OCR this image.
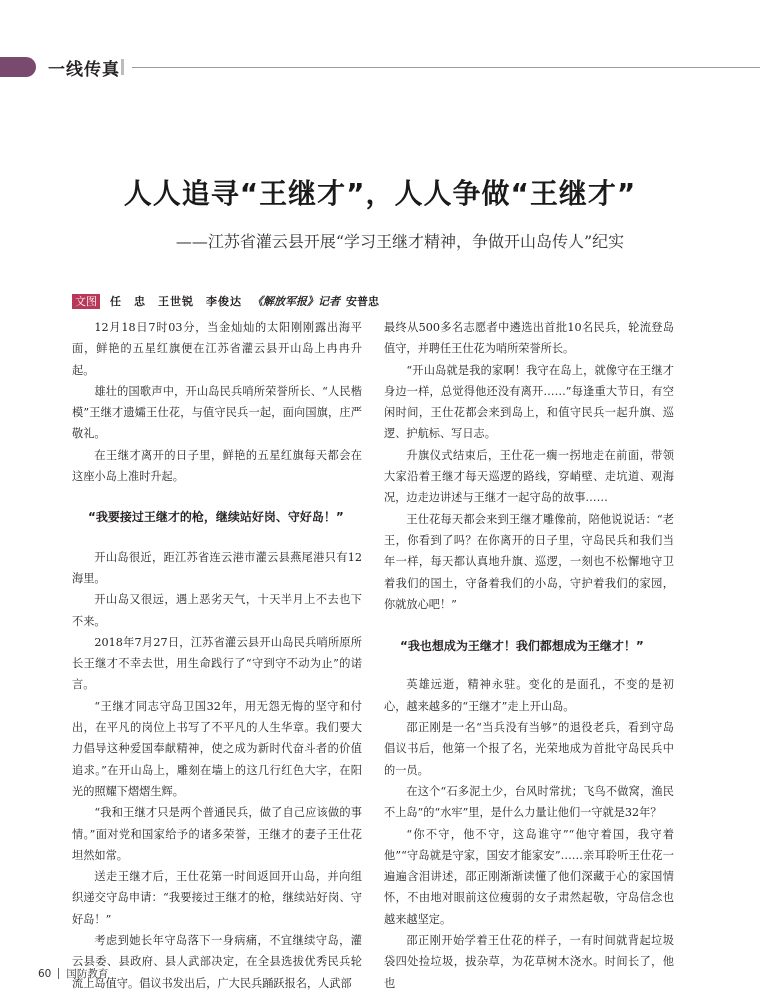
一线传真
人人追寻“王继才”，人人争做“王继才”
——江苏省灌云县开展“学习王继才精神，争做开山岛传人”纪实
文图 任　忠　王世锐　李俊达 《解放军报》记者 安普忠

12月18日7时03分，当金灿灿的太阳刚刚露出海平面，鲜艳的五星红旗便在江苏省灌云县开山岛上冉冉升起。

雄壮的国歌声中，开山岛民兵哨所荣誉所长、“人民楷模”王继才遗孀王仕花，与值守民兵一起，面向国旗，庄严敬礼。

在王继才离开的日子里，鲜艳的五星红旗每天都会在这座小岛上准时升起。

“我要接过王继才的枪，继续站好岗、守好岛！”

开山岛很近，距江苏省连云港市灌云县燕尾港只有12海里。

开山岛又很远，遇上恶劣天气，十天半月上不去也下不来。

2018年7月27日，江苏省灌云县开山岛民兵哨所原所长王继才不幸去世，用生命践行了“守到守不动为止”的诺言。

“王继才同志守岛卫国32年，用无怨无悔的坚守和付出，在平凡的岗位上书写了不平凡的人生华章。我们要大力倡导这种爱国奉献精神，使之成为新时代奋斗者的价值追求。”在开山岛上，雕刻在墙上的这几行红色大字，在阳光的照耀下熠熠生辉。

“我和王继才只是两个普通民兵，做了自己应该做的事情。”面对党和国家给予的诸多荣誉，王继才的妻子王仕花坦然如常。

送走王继才后，王仕花第一时间返回开山岛，并向组织递交守岛申请：“我要接过王继才的枪，继续站好岗、守好岛！”

考虑到她长年守岛落下一身病痛，不宜继续守岛，灌云县委、县政府、县人武部决定，在全县选拔优秀民兵轮流上岛值守。倡议书发出后，广大民兵踊跃报名，人武部

最终从500多名志愿者中遴选出首批10名民兵，轮流登岛值守，并聘任王仕花为哨所荣誉所长。

“开山岛就是我的家啊！我守在岛上，就像守在王继才身边一样，总觉得他还没有离开……”每逢重大节日，有空闲时间，王仕花都会来到岛上，和值守民兵一起升旗、巡逻、护航标、写日志。

升旗仪式结束后，王仕花一瘸一拐地走在前面，带领大家沿着王继才每天巡逻的路线，穿峭壁、走坑道、观海况，边走边讲述与王继才一起守岛的故事……

王仕花每天都会来到王继才雕像前，陪他说说话：“老王，你看到了吗？在你离开的日子里，守岛民兵和我们当年一样，每天都认真地升旗、巡逻，一刻也不松懈地守卫着我们的国土，守备着我们的小岛，守护着我们的家园，你就放心吧！”

“我也想成为王继才！我们都想成为王继才！”

英雄远逝，精神永驻。变化的是面孔，不变的是初心，越来越多的“王继才”走上开山岛。

邵正刚是一名“当兵没有当够”的退役老兵，看到守岛倡议书后，他第一个报了名，光荣地成为首批守岛民兵中的一员。

在这个“石多泥土少，台风时常扰；飞鸟不做窝，渔民不上岛”的“水牢”里，是什么力量让他们一守就是32年？

“你不守，他不守，这岛谁守”“他守着国，我守着他”“守岛就是守家，国安才能家安”……亲耳聆听王仕花一遍遍含泪讲述，邵正刚渐渐读懂了他们深藏于心的家国情怀，不由地对眼前这位瘦弱的女子肃然起敬，守岛信念也越来越坚定。

邵正刚开始学着王仕花的样子，一有时间就背起垃圾袋四处捡垃圾，拔杂草，为花草树木浇水。时间长了，他也

60 国防教育
